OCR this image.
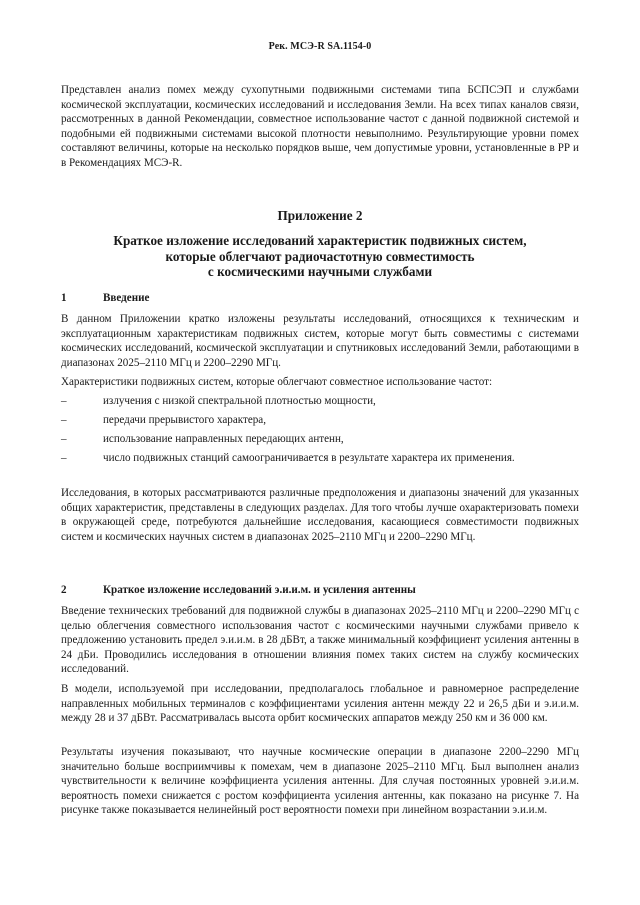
Рек. МСЭ-R SA.1154-0

Представлен анализ помех между сухопутными подвижными системами типа БСПСЭП и службами космической эксплуатации, космических исследований и исследования Земли. На всех типах каналов связи, рассмотренных в данной Рекомендации, совместное использование частот с данной подвижной системой и подобными ей подвижными системами высокой плотности невыполнимо. Результирующие уровни помех составляют величины, которые на несколько порядков выше, чем допустимые уровни, установленные в РР и в Рекомендациях МСЭ-R.

Приложение 2
Краткое изложение исследований характеристик подвижных систем,
которые облегчают радиочастотную совместимость
с космическими научными службами
1	Введение

В данном Приложении кратко изложены результаты исследований, относящихся к техническим и эксплуатационным характеристикам подвижных систем, которые могут быть совместимы с системами космических исследований, космической эксплуатации и спутниковых исследований Земли, работающими в диапазонах 2025–2110 МГц и 2200–2290 МГц.

Характеристики подвижных систем, которые облегчают совместное использование частот:

–	излучения с низкой спектральной плотностью мощности,
–	передачи прерывистого характера,
–	использование направленных передающих антенн,
–	число подвижных станций самоограничивается в результате характера их применения.

Исследования, в которых рассматриваются различные предположения и диапазоны значений для указанных общих характеристик, представлены в следующих разделах. Для того чтобы лучше охарактеризовать помехи в окружающей среде, потребуются дальнейшие исследования, касающиеся совместимости подвижных систем и космических научных систем в диапазонах 2025–2110 МГц и 2200–2290 МГц.

2	Краткое изложение исследований э.и.и.м. и усиления антенны

Введение технических требований для подвижной службы в диапазонах 2025–2110 МГц и 2200–2290 МГц с целью облегчения совместного использования частот с космическими научными службами привело к предложению установить предел э.и.и.м. в 28 дБВт, а также минимальный коэффициент усиления антенны в 24 дБи. Проводились исследования в отношении влияния помех таких систем на службу космических исследований.

В модели, используемой при исследовании, предполагалось глобальное и равномерное распределение направленных мобильных терминалов с коэффициентами усиления антенн между 22 и 26,5 дБи и э.и.и.м. между 28 и 37 дБВт. Рассматривалась высота орбит космических аппаратов между 250 км и 36 000 км.

Результаты изучения показывают, что научные космические операции в диапазоне 2200–2290 МГц значительно больше восприимчивы к помехам, чем в диапазоне 2025–2110 МГц. Был выполнен анализ чувствительности к величине коэффициента усиления антенны. Для случая постоянных уровней э.и.и.м. вероятность помехи снижается с ростом коэффициента усиления антенны, как показано на рисунке 7. На рисунке также показывается нелинейный рост вероятности помехи при линейном возрастании э.и.и.м.
